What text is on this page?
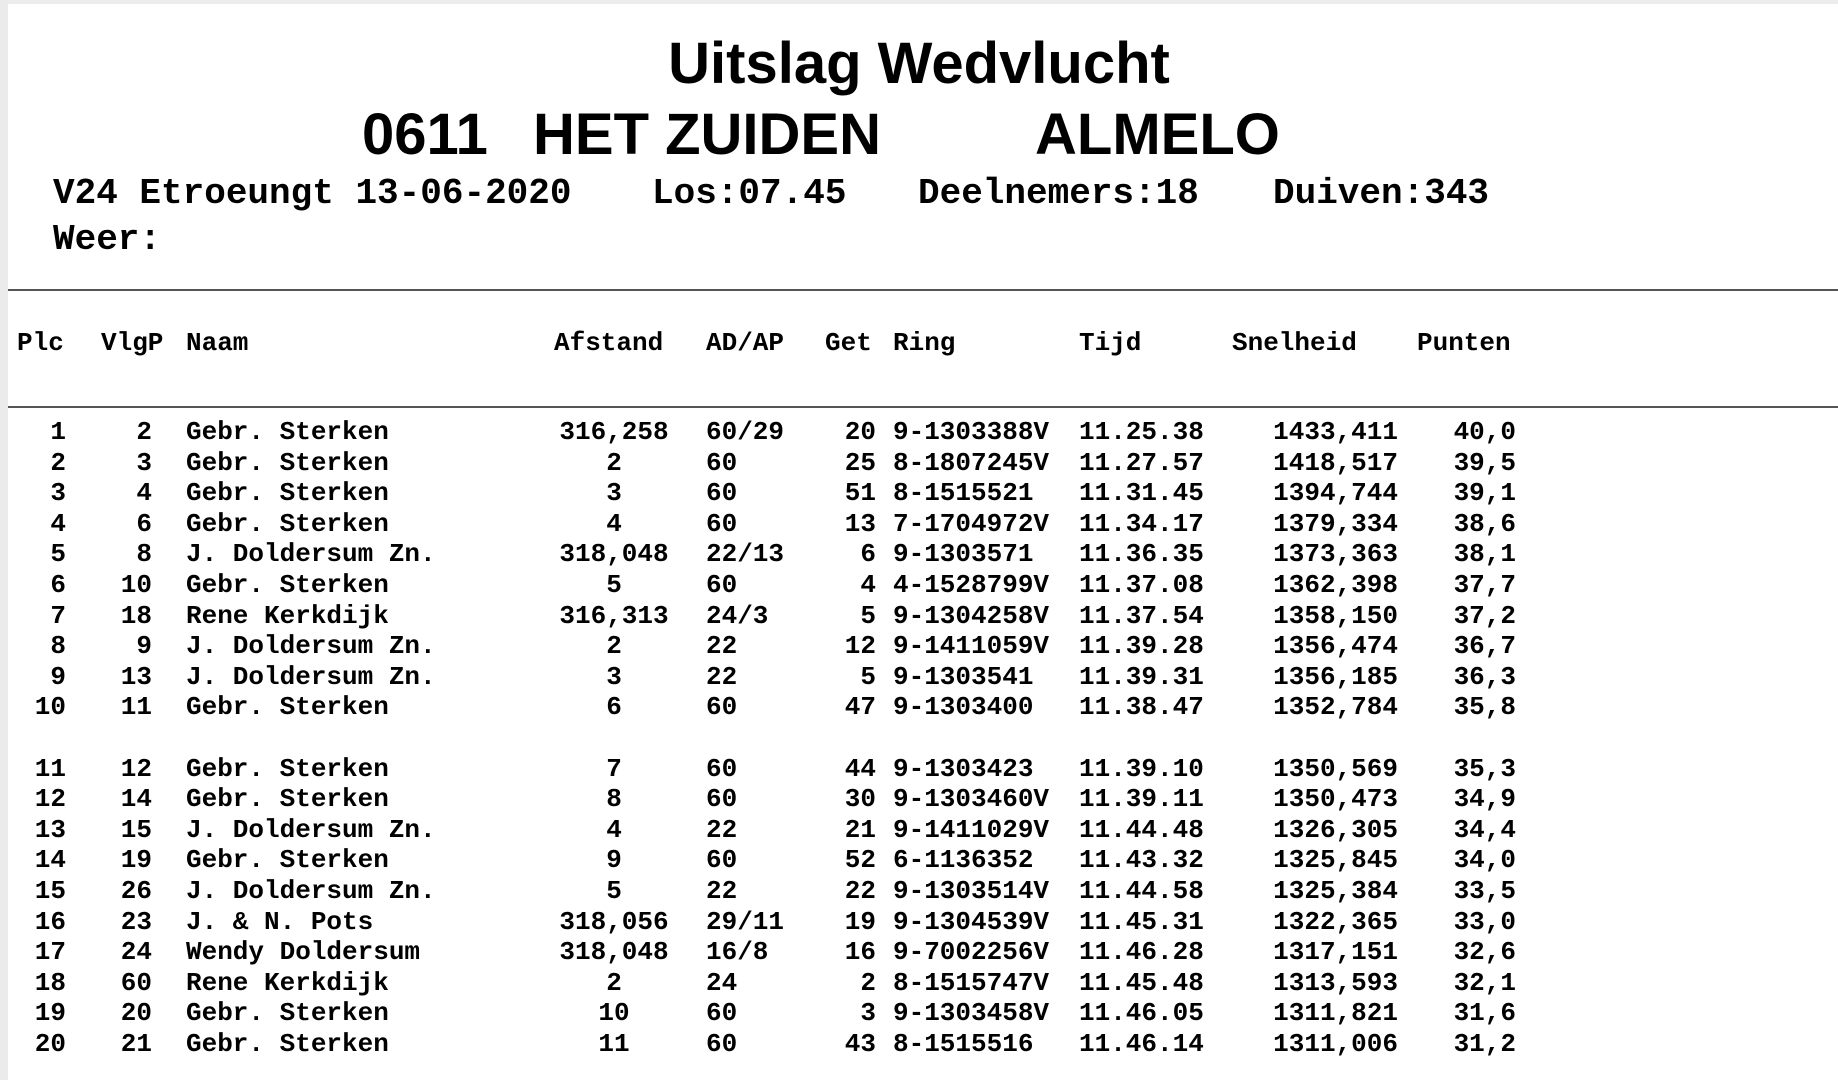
Uitslag Wedvlucht
0611 HET ZUIDEN	ALMELO
V24 Etroeungt 13-06-2020 Los:07.45 Deelnemers:18 Duiven:343
Weer:
Plc VlgP Naam	Afstand AD/AP Get Ring	Tijd	Snelheid Punten
1	2 Gebr. Sterken	316,258	60/29 20 9-1303388V 11.25.38	1433,411 40,0
2	3 Gebr. Sterken	2	60	25 8-1807245V 11.27.57	1418,517 39,5
3	4 Gebr. Sterken	3	60	51 8-1515521 11.31.45	1394,744 39,1
4	6 Gebr. Sterken	4	60	13 7-1704972V 11.34.17	1379,334 38,6
5	8 J. Doldersum Zn.	318,048	22/13	6 9-1303571 11.36.35	1373,363 38,1
6 10 Gebr. Sterken	5	60	4 4-1528799V 11.37.08	1362,398 37,7
7 18 Rene Kerkdijk	316,313	24/3	5 9-1304258V 11.37.54	1358,150 37,2
8	9 J. Doldersum Zn.	2	22	12 9-1411059V 11.39.28	1356,474 36,7
9 13 J. Doldersum Zn.	3	22	5 9-1303541 11.39.31	1356,185 36,3
10 11 Gebr. Sterken	6	60	47 9-1303400 11.38.47	1352,784 35,8
11 12 Gebr. Sterken	7	60	44 9-1303423 11.39.10	1350,569 35,3
12 14 Gebr. Sterken	8	60	30 9-1303460V 11.39.11	1350,473 34,9
13 15 J. Doldersum Zn.	4	22	21 9-1411029V 11.44.48	1326,305 34,4
14 19 Gebr. Sterken	9	60	52 6-1136352 11.43.32	1325,845 34,0
15 26 J. Doldersum Zn.	5	22	22 9-1303514V 11.44.58	1325,384 33,5
16 23 J. & N. Pots	318,056	29/11 19 9-1304539V 11.45.31	1322,365 33,0
17 24 Wendy Doldersum	318,048	16/8	16 9-7002256V 11.46.28	1317,151 32,6
18 60 Rene Kerkdijk	2	24	2 8-1515747V 11.45.48	1313,593 32,1
19 20 Gebr. Sterken	10	60	3 9-1303458V 11.46.05	1311,821 31,6
20 21 Gebr. Sterken	11	60	43 8-1515516 11.46.14	1311,006 31,2
